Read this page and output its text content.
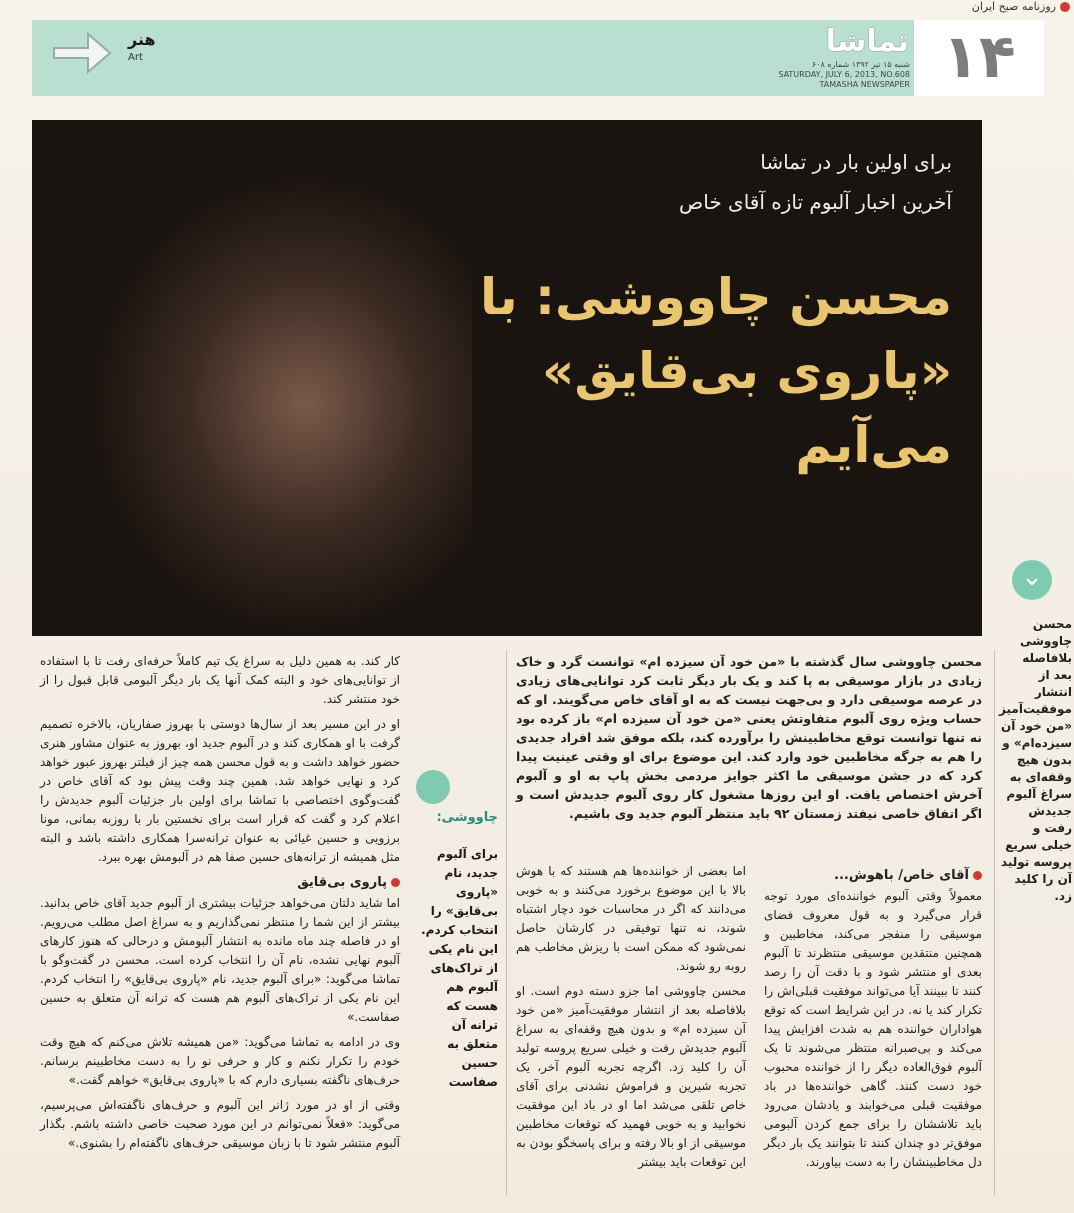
روزنامه صبح ایران
۱۴
تماشا
شنبه ۱۵ تیر ۱۳۹۲ شماره ۶۰۸
SATURDAY, JULY 6, 2013, NO.608
TAMASHA NEWSPAPER
هنر
Art
برای اولین بار در تماشا
آخرین اخبار آلبوم تازه آقای خاص
محسن چاووشی: با «پاروی بی‌قایق» می‌آیم
⌄
محسن چاووشی بلافاصله بعد از انتشار موفقیت‌آمیز «من خود آن سیزده‌ام» و بدون هیچ وقفه‌ای به سراغ آلبوم جدیدش رفت و خیلی سریع پروسه تولید آن را کلید زد.

محسن چاووشی سال گذشته با «من خود آن سیزده ام» توانست گرد و خاک زیادی در بازار موسیقی به پا کند و یک بار دیگر ثابت کرد توانایی‌های زیادی در عرصه موسیقی دارد و بی‌جهت نیست که به او آقای خاص می‌گویند. او که حساب ویژه روی آلبوم متفاوتش یعنی «من خود آن سیزده ام» باز کرده بود نه تنها توانست توقع مخاطبینش را برآورده کند، بلکه موفق شد افراد جدیدی را هم به جرگه مخاطبین خود وارد کند. این موضوع برای او وقتی عینیت پیدا کرد که در جشن موسیقی ما اکثر جوایز مردمی بخش پاپ به او و آلبوم آخرش اختصاص یافت. او این روزها مشغول کار روی آلبوم جدیدش است و اگر اتفاق خاصی نیفتد زمستان ۹۲ باید منتظر آلبوم جدید وی باشیم.

آقای خاص/ باهوش...

معمولاً وقتی آلبوم خواننده‌ای مورد توجه قرار می‌گیرد و به قول معروف فضای موسیقی را منفجر می‌کند، مخاطبین و همچنین منتقدین موسیقی منتظرند تا آلبوم بعدی او منتشر شود و با دقت آن را رصد کنند تا ببینند آیا می‌تواند موفقیت قبلی‌اش را تکرار کند یا نه. در این شرایط است که توقع هواداران خواننده هم به شدت افزایش پیدا می‌کند و بی‌صبرانه منتظر می‌شوند تا یک آلبوم فوق‌العاده دیگر را از خواننده محبوب خود دست کنند. گاهی خواننده‌ها در باد موفقیت قبلی می‌خوابند و یادشان می‌رود باید تلاششان را برای جمع کردن آلبومی موفق‌تر دو چندان کنند تا بتوانند یک بار دیگر دل مخاطبینشان را به دست بیاورند.

اما بعضی از خواننده‌ها هم هستند که با هوش بالا با این موضوع برخورد می‌کنند و به خوبی می‌دانند که اگر در محاسبات خود دچار اشتباه شوند، نه تنها توفیقی در کارشان حاصل نمی‌شود که ممکن است با ریزش مخاطب هم روبه رو شوند.

محسن چاووشی اما جزو دسته دوم است. او بلافاصله بعد از انتشار موفقیت‌آمیز «من خود آن سیزده ام» و بدون هیچ وقفه‌ای به سراغ آلبوم جدیدش رفت و خیلی سریع پروسه تولید آن را کلید زد. اگرچه تجربه آلبوم آخر، یک تجربه شیرین و فراموش نشدنی برای آقای خاص تلقی می‌شد اما او در باد این موفقیت نخوابید و به خوبی فهمید که توقعات مخاطبین موسیقی از او بالا رفته و برای پاسخگو بودن به این توقعات باید بیشتر

چاووشی:
برای آلبوم جدید، نام «پاروی بی‌قایق» را انتخاب کردم. این نام یکی از تراک‌های آلبوم هم هست که ترانه آن متعلق به حسین صفاست

کار کند. به همین دلیل به سراغ یک تیم کاملاً حرفه‌ای رفت تا با استفاده از توانایی‌های خود و البته کمک آنها یک بار دیگر آلبومی قابل قبول را از خود منتشر کند.

او در این مسیر بعد از سال‌ها دوستی با بهروز صفاریان، بالاخره تصمیم گرفت با او همکاری کند و در آلبوم جدید او، بهروز به عنوان مشاور هنری حضور خواهد داشت و به قول محسن همه چیز از فیلتر بهروز عبور خواهد کرد و نهایی خواهد شد. همین چند وقت پیش بود که آقای خاص در گفت‌وگوی اختصاصی با تماشا برای اولین بار جزئیات آلبوم جدیدش را اعلام کرد و گفت که قرار است برای نخستین بار با روزبه بمانی، مونا برزویی و حسین غیائی به عنوان ترانه‌سرا همکاری داشته باشد و البته مثل همیشه از ترانه‌های حسین صفا هم در آلبومش بهره ببرد.

پاروی بی‌قایق

اما شاید دلتان می‌خواهد جزئیات بیشتری از آلبوم جدید آقای خاص بدانید. بیشتر از این شما را منتظر نمی‌گذاریم و به سراغ اصل مطلب می‌رویم. او در فاصله چند ماه مانده به انتشار آلبومش و درحالی که هنوز کارهای آلبوم نهایی نشده، نام آن را انتخاب کرده است. محسن در گفت‌وگو با تماشا می‌گوید: «برای آلبوم جدید، نام «پاروی بی‌قایق» را انتخاب کردم. این نام یکی از تراک‌های آلبوم هم هست که ترانه آن متعلق به حسین صفاست.»

وی در ادامه به تماشا می‌گوید: «من همیشه تلاش می‌کنم که هیچ وقت خودم را تکرار نکنم و کار و حرفی نو را به دست مخاطبینم برسانم. حرف‌های ناگفته بسیاری دارم که با «پاروی بی‌قایق» خواهم گفت.»

وقتی از او در مورد ژانر این آلبوم و حرف‌های ناگفته‌اش می‌پرسیم، می‌گوید: «فعلاً نمی‌توانم در این مورد صحبت خاصی داشته باشم. بگذار آلبوم منتشر شود تا با زبان موسیقی حرف‌های ناگفته‌ام را بشنوی.»
